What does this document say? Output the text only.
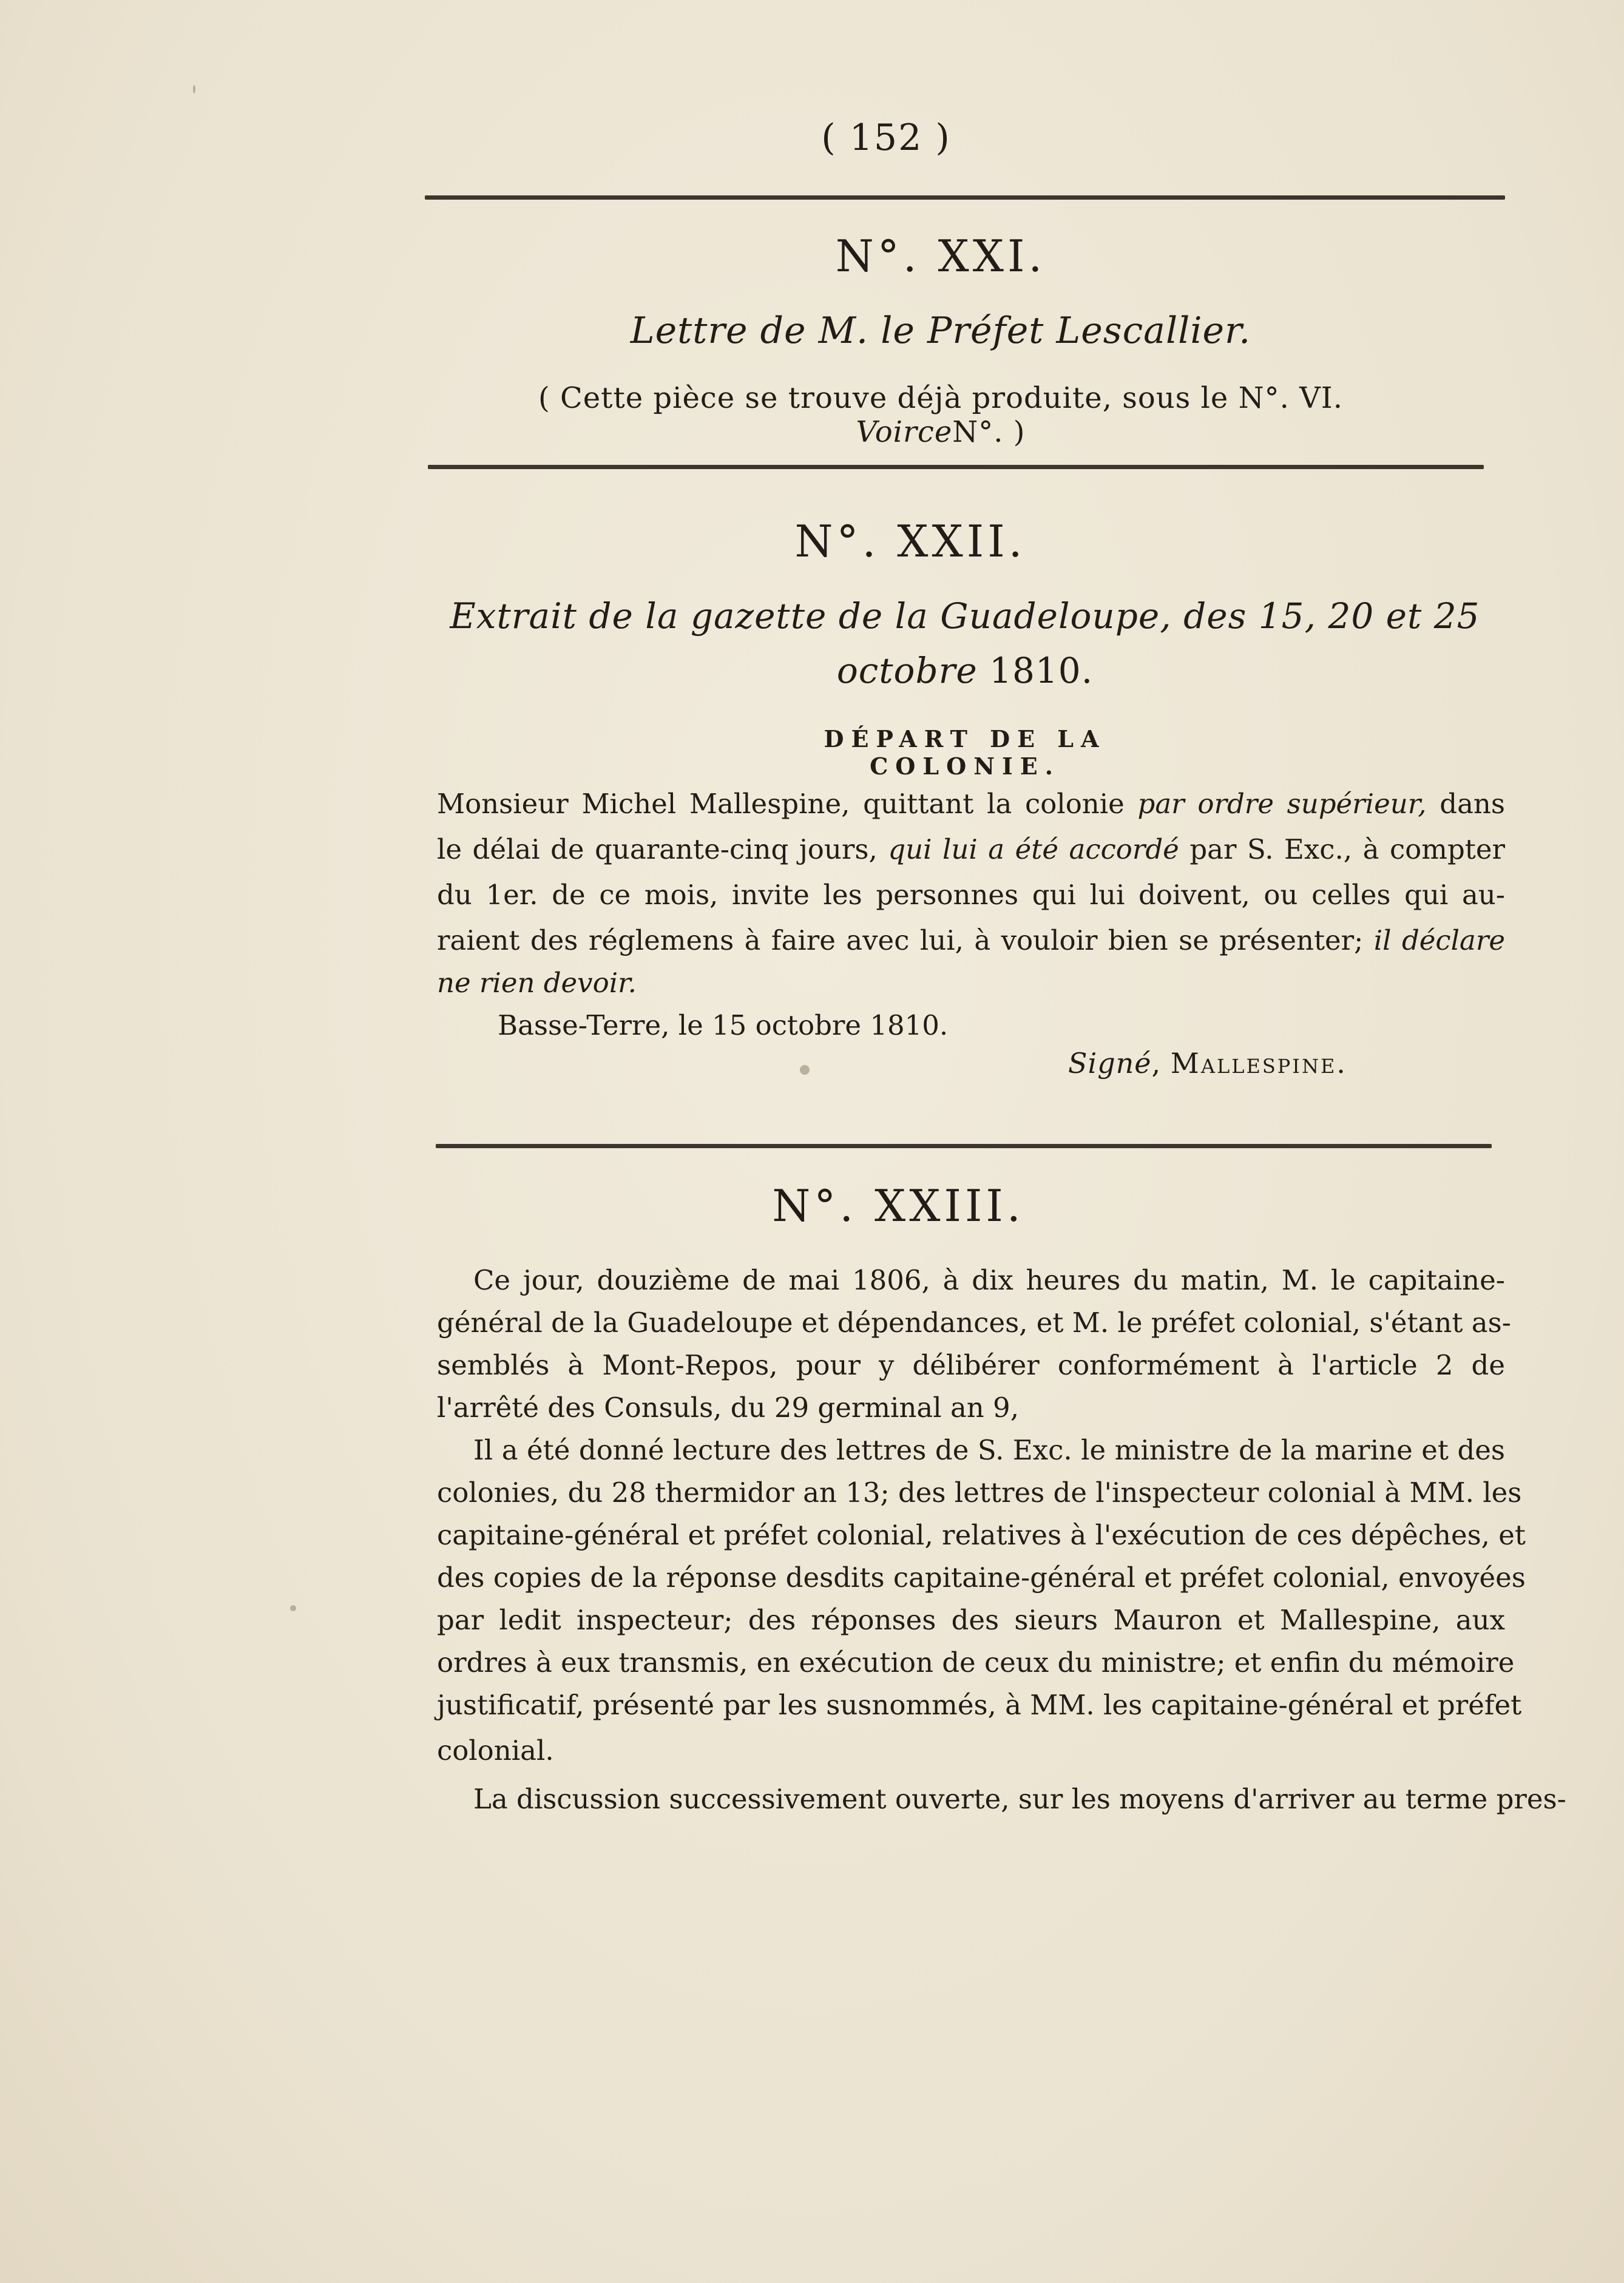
( 152 )
N°. XXI.
Lettre de M. le Préfet Lescallier.
( Cette pièce se trouve déjà produite, sous le N°. VI. VoirceN°. )
N°. XXII.
Extrait de la gazette de la Guadeloupe, des 15, 20 et 25
octobre 1810.
DÉPART DE LA COLONIE.
Monsieur Michel Mallespine, quittant la colonie par ordre supérieur, dans
le délai de quarante-cinq jours, qui lui a été accordé par S. Exc., à compter
du 1er. de ce mois, invite les personnes qui lui doivent, ou celles qui au-
raient des réglemens à faire avec lui, à vouloir bien se présenter; il déclare
ne rien devoir.
Basse-Terre, le 15 octobre 1810.
Signé, Mallespine.
N°. XXIII.
Ce jour, douzième de mai 1806, à dix heures du matin, M. le capitaine-
général de la Guadeloupe et dépendances, et M. le préfet colonial, s'étant as-
semblés à Mont-Repos, pour y délibérer conformément à l'article 2 de
l'arrêté des Consuls, du 29 germinal an 9,
Il a été donné lecture des lettres de S. Exc. le ministre de la marine et des
colonies, du 28 thermidor an 13; des lettres de l'inspecteur colonial à MM. les
capitaine-général et préfet colonial, relatives à l'exécution de ces dépêches, et
des copies de la réponse desdits capitaine-général et préfet colonial, envoyées
par ledit inspecteur; des réponses des sieurs Mauron et Mallespine, aux
ordres à eux transmis, en exécution de ceux du ministre; et enfin du mémoire
justificatif, présenté par les susnommés, à MM. les capitaine-général et préfet
colonial.
La discussion successivement ouverte, sur les moyens d'arriver au terme pres-
